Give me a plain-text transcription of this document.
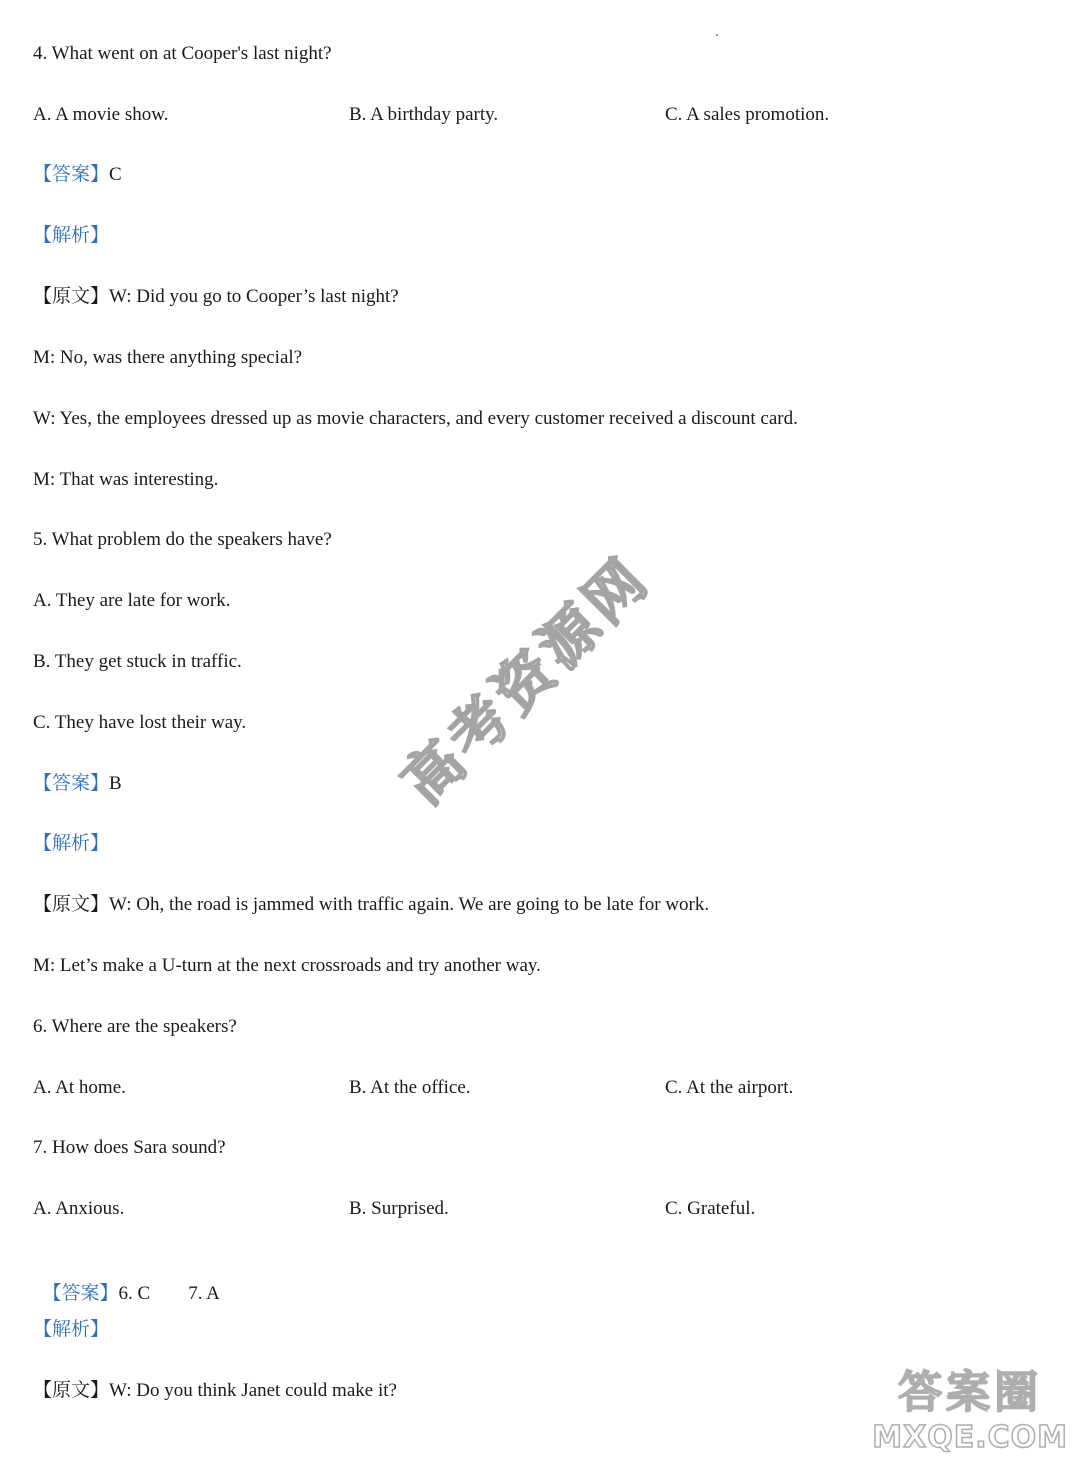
4. What went on at Cooper's last night?
A. A movie show.	B. A birthday party.	C. A sales promotion.
【答案】C
【解析】
【原文】W: Did you go to Cooper’s last night?
M: No, was there anything special?
W: Yes, the employees dressed up as movie characters, and every customer received a discount card.
M: That was interesting.
5. What problem do the speakers have?
A. They are late for work.
B. They get stuck in traffic.
C. They have lost their way.
【答案】B
【解析】
【原文】W: Oh, the road is jammed with traffic again. We are going to be late for work.
M: Let’s make a U-turn at the next crossroads and try another way.
6. Where are the speakers?
A. At home.	B. At the office.	C. At the airport.
7. How does Sara sound?
A. Anxious.	B. Surprised.	C. Grateful.

【答案】6. C        7. A

【解析】
【原文】W: Do you think Janet could make it?
高考资源网
答案圈
MXQE.COM
